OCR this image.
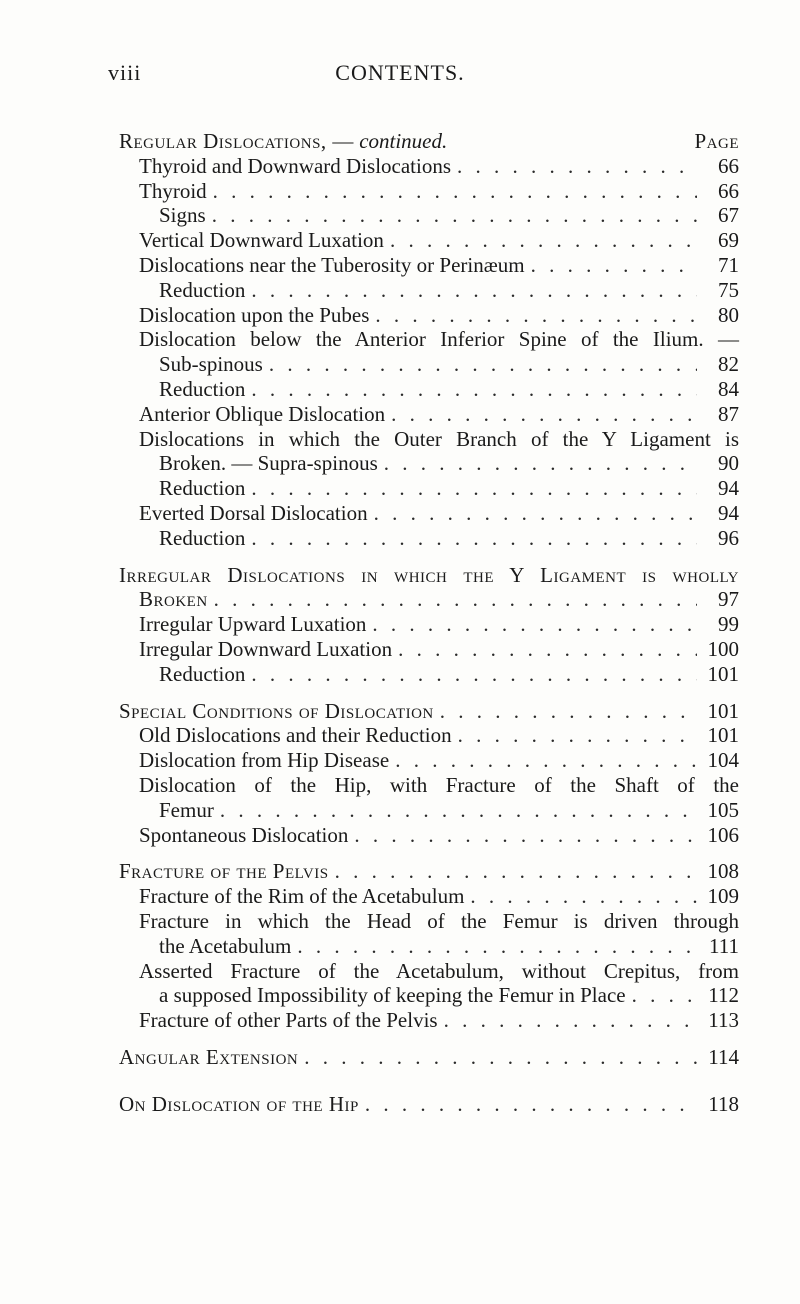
viii	CONTENTS.
Regular Dislocations, — continued.	Page
Thyroid and Downward Dislocations . . .	66
Thyroid . . .	66
Signs . . .	67
Vertical Downward Luxation . . .	69
Dislocations near the Tuberosity or Perinæum . . .	71
Reduction . . .	75
Dislocation upon the Pubes . . .	80
Dislocation below the Anterior Inferior Spine of the Ilium. —
Sub-spinous . . .	82
Reduction . . .	84
Anterior Oblique Dislocation . . .	87
Dislocations in which the Outer Branch of the Y Ligament is
Broken. — Supra-spinous . . .	90
Reduction . . .	94
Everted Dorsal Dislocation . . .	94
Reduction . . .	96
Irregular Dislocations in which the Y Ligament is wholly
Broken . . .	97
Irregular Upward Luxation . . .	99
Irregular Downward Luxation . . .	100
Reduction . . .	101
Special Conditions of Dislocation . . .	101
Old Dislocations and their Reduction . . .	101
Dislocation from Hip Disease . . .	104
Dislocation of the Hip, with Fracture of the Shaft of the
Femur . . .	105
Spontaneous Dislocation . . .	106
Fracture of the Pelvis . . .	108
Fracture of the Rim of the Acetabulum . . .	109
Fracture in which the Head of the Femur is driven through
the Acetabulum . . .	111
Asserted Fracture of the Acetabulum, without Crepitus, from
a supposed Impossibility of keeping the Femur in Place . . .	112
Fracture of other Parts of the Pelvis . . .	113
Angular Extension . . .	114
On Dislocation of the Hip . . .	118
